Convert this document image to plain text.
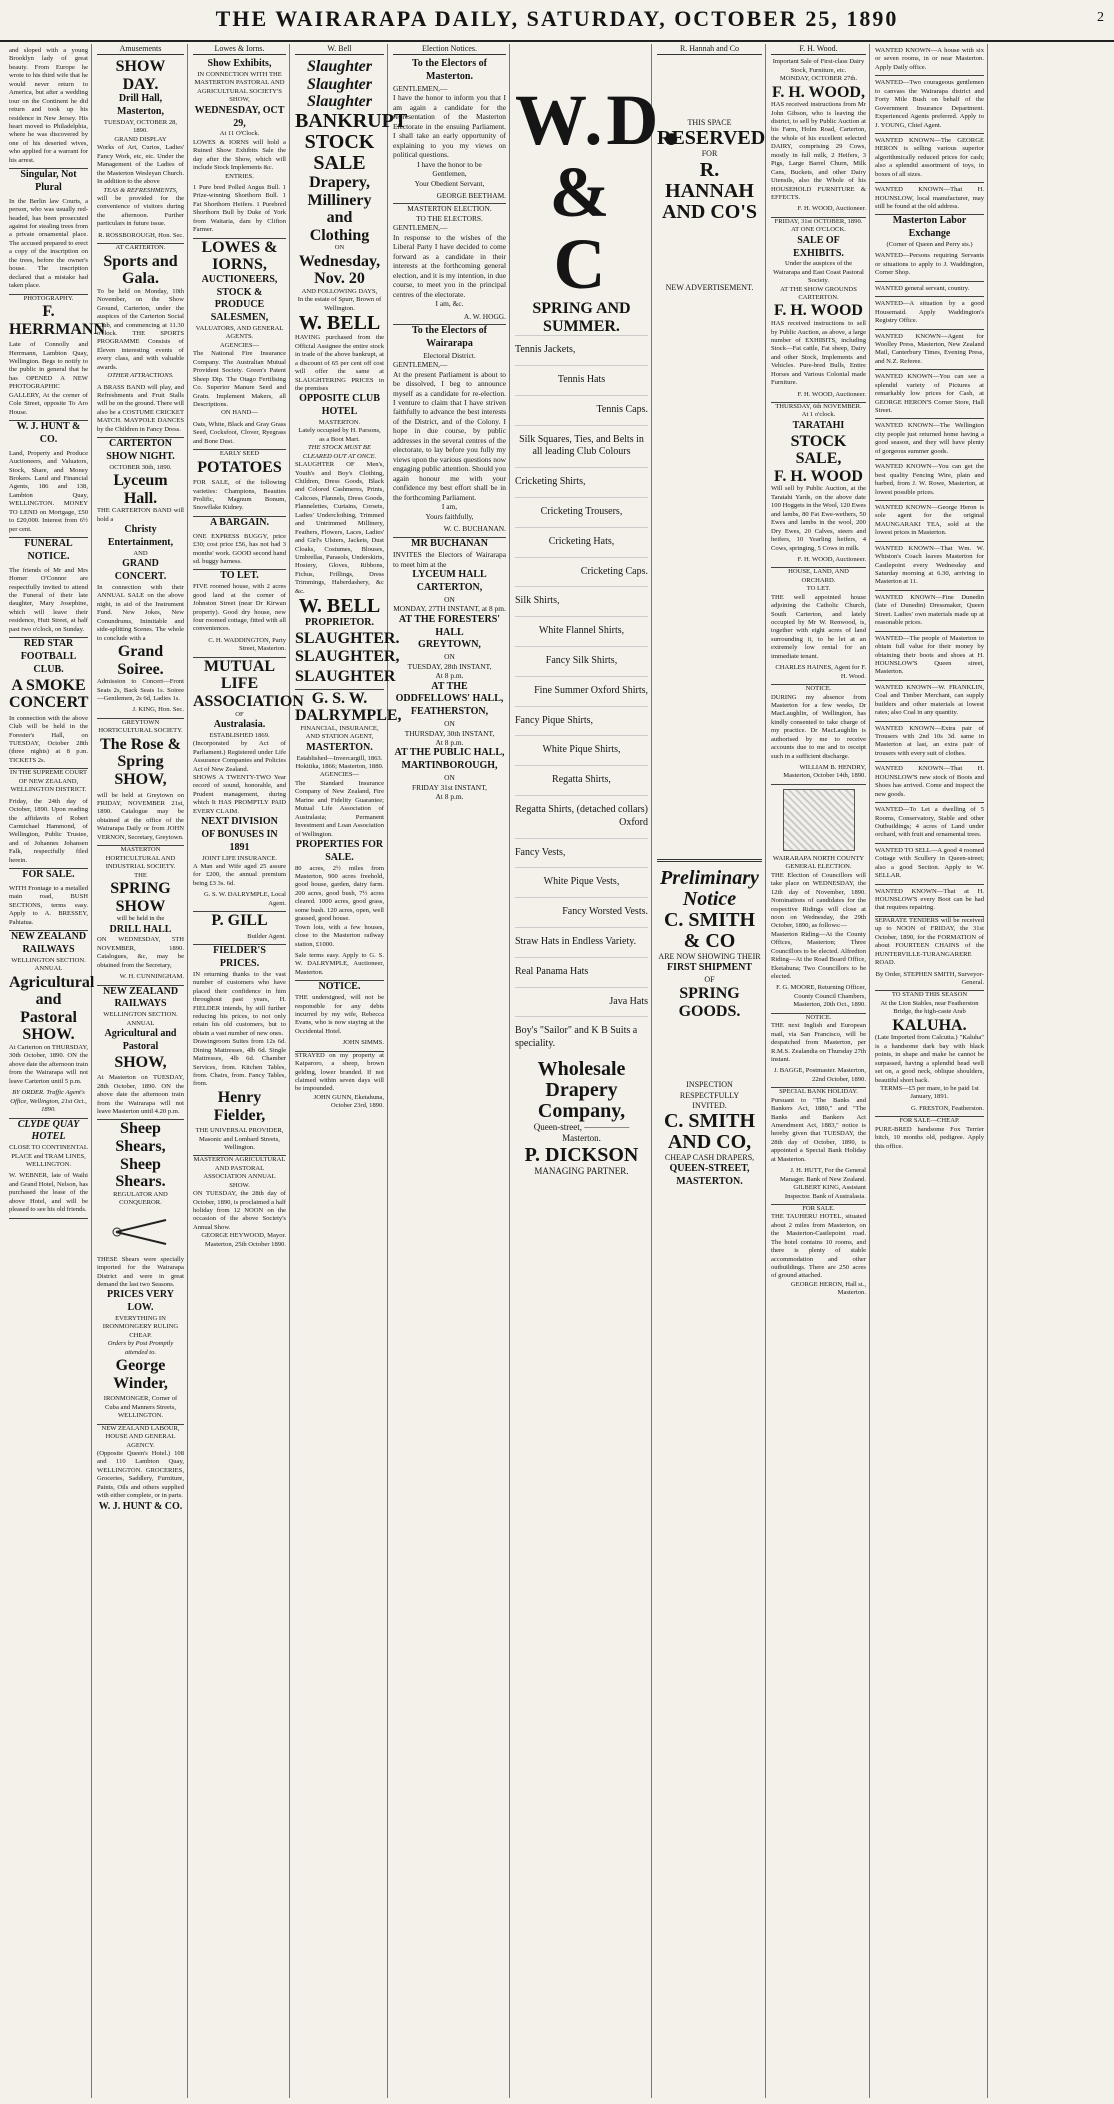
THE WAIRARAPA DAILY, SATURDAY, OCTOBER 25, 1890	2
and sloped with a young Brooklyn lady of great beauty. From Europe he wrote to his third wife that he would never return to America, but after a wedding tour on the Continent he did return and took up his residence in New Jersey. His heart moved to Philadelphia, where he was discovered by one of his deserted wives, who applied for a warrant for his arrest.
Singular, Not Plural
In the Berlin law Courts, a person, who was usually red-headed, has been prosecuted against for stealing trees from a private ornamental place. The accused prepared to erect a copy of the inscription on the trees, before the owner's house. The inscription declared that a mistake had taken place.
PHOTOGRAPHY.
F. HERRMANN
Late of Connolly and Herrmann, Lambton Quay, Wellington. Begs to notify to the public in general that he has OPENED A NEW PHOTOGRAPHIC GALLERY, At the corner of Cole Street, opposite To Aro House.
W. J. HUNT & CO.
Land, Property and Produce Auctioneers, and Valuators, Stock, Share, and Money Brokers. Land and Financial Agents, 186 and 138, Lambton Quay, WELLINGTON. MONEY TO LEND on Mortgage, £50 to £20,000. Interest from 6½ per cent.
FUNERAL NOTICE.
The friends of Mr and Mrs Homer O'Connor are respectfully invited to attend the Funeral of their late daughter, Mary Josephine, which will leave their residence, Hutt Street, at half past two o'clock, on Sunday.
RED STAR FOOTBALL CLUB.
A SMOKE CONCERT
In connection with the above Club will be held in the Forester's Hall, on TUESDAY, October 28th (three nights) at 8 p.m. TICKETS 2s.
IN THE SUPREME COURT OF NEW ZEALAND, WELLINGTON DISTRICT.
Friday, the 24th day of October, 1890. Upon reading the affidavits of Robert Carmichael Hammond, of Wellington, Public Trustee, and of Johannes Johansen Falk, respectfully filed herein.
FOR SALE.
WITH Frontage to a metalled main road, BUSH SECTIONS, terms easy. Apply to A. BRESSEY, Pahiatua.
NEW ZEALAND RAILWAYS
WELLINGTON SECTION.
ANNUAL
Agricultural and Pastoral SHOW.
At Carterton on THURSDAY, 30th October, 1890. ON the above date the afternoon train from the Wairarapa will not leave Carterton until 5 p.m.
BY ORDER. Traffic Agent's Office, Wellington, 21st Oct., 1890.
CLYDE QUAY HOTEL
CLOSE TO CONTINENTAL PLACE and TRAM LINES, WELLINGTON.
W. WEBNER, late of Waihi and Grand Hotel, Nelson, has purchased the lease of the above Hotel, and will be pleased to see his old friends.
Amusements
SHOW DAY.
Drill Hall, Masterton,
TUESDAY, OCTOBER 28, 1890.
GRAND DISPLAY
Works of Art, Curios, Ladies' Fancy Work, etc, etc. Under the Management of the Ladies of the Masterton Wesleyan Church. In addition to the above
TEAS & REFRESHMENTS,
will be provided for the convenience of visitors during the afternoon. Further particulars in future issue.
R. ROSSBOROUGH, Hon. Sec.
AT CARTERTON.
Sports and Gala.
To be held on Monday, 10th November, on the Show Ground, Carterton, under the auspices of the Carterton Social Club, and commencing at 11.30 o'clock. THE SPORTS PROGRAMME Consists of Eleven interesting events of every class, and with valuable awards.
OTHER ATTRACTIONS.
A BRASS BAND will play, and Refreshments and Fruit Stalls will be on the ground. There will also be a COSTUME CRICKET MATCH. MAYPOLE DANCES by the Children in Fancy Dress.
CARTERTON SHOW NIGHT.
OCTOBER 30th, 1890.
Lyceum Hall.
THE CARTERTON BAND will hold a
Christy Entertainment,
AND
GRAND CONCERT.
In connection with their ANNUAL SALE on the above night, in aid of the Instrument Fund. New Jokes, New Conundrums, Inimitable and side-splitting Scenes. The whole to conclude with a
Grand Soiree.
Admission to Concert—Front Seats 2s, Back Seats 1s. Soiree—Gentlemen, 2s 6d, Ladies 1s.
J. KING, Hon. Sec.
GREYTOWN HORTICULTURAL SOCIETY.
The Rose & Spring
SHOW,
will be held at Greytown on FRIDAY, NOVEMBER 21st, 1890. Catalogue may be obtained at the office of the Wairarapa Daily or from JOHN VERNON, Secretary, Greytown.
MASTERTON HORTICULTURAL AND INDUSTRIAL SOCIETY.
THE
SPRING SHOW
will be held in the
DRILL HALL
ON WEDNESDAY, 5TH NOVEMBER, 1890. Catalogues, &c, may be obtained from the Secretary,
W. H. CUNNINGHAM.
NEW ZEALAND RAILWAYS
WELLINGTON SECTION.
ANNUAL
Agricultural and Pastoral
SHOW,
At Masterton on TUESDAY, 28th October, 1890. ON the above date the afternoon train from the Wairarapa will not leave Masterton until 4.20 p.m.
Sheep Shears, Sheep Shears.
REGULATOR AND CONQUEROR.
THESE Shears were specially imported for the Wairarapa District and were in great demand the last two Seasons.
PRICES VERY LOW.
EVERYTHING IN IRONMONGERY RULING CHEAP.
Orders by Post Promptly attended to.
George Winder,
IRONMONGER, Corner of Cuba and Manners Streets, WELLINGTON.
NEW ZEALAND LABOUR, HOUSE AND GENERAL AGENCY.
(Opposite Queen's Hotel.) 108 and 110 Lambton Quay, WELLINGTON. GROCERIES, Groceries, Saddlery, Furniture, Paints, Oils and others supplied with either complete, or in parts.
W. J. HUNT & CO.
Lowes & Iorns.
Show Exhibits,
IN CONNECTION WITH THE MASTERTON PASTORAL AND AGRICULTURAL SOCIETY'S SHOW,
WEDNESDAY, OCT 29,
At 11 O'Clock.
LOWES & IORNS will hold a Ruined Show Exhibits Sale the day after the Show, which will include Stock Implements &c.
ENTRIES.
1 Pure bred Polled Angus Bull. 1 Prize-winning Shorthorn Bull. 1 Fat Shorthorn Heifers. 1 Purebred Shorthorn Bull by Duke of York from Waitaria, dam by Clifton Farmer.
LOWES & IORNS,
AUCTIONEERS,
STOCK & PRODUCE SALESMEN,
VALUATORS, AND GENERAL AGENTS.
AGENCIES—
The National Fire Insurance Company. The Australian Mutual Provident Society. Green's Patent Sheep Dip. The Otago Fertilising Co. Superior Manure Seed and Grain. Implement Makers, all Descriptions.
ON HAND—
Oats, White, Black and Gray Grass Seed, Cocksfoot, Clover, Ryegrass and Bone Dust.
EARLY SEED
POTATOES
FOR SALE, of the following varieties: Champions, Beauties Prolific, Magnum Bonum, Snowflake Kidney.
A BARGAIN.
ONE EXPRESS BUGGY, price £30; cost price £56, has not had 3 months' work. GOOD second hand sd. buggy harness.
TO LET.
FIVE roomed house, with 2 acres good land at the corner of Johnston Street (near Dr Kirwan property). Good dry house, new four roomed cottage, fitted with all conveniences.
C. H. WADDINGTON, Party Street, Masterton.
MUTUAL LIFE
ASSOCIATION
OF
Australasia.
ESTABLISHED 1869.
(Incorporated by Act of Parliament.) Registered under Life Assurance Companies and Policies Act of New Zealand.
SHOWS A TWENTY-TWO Year record of sound, honorable, and Prudent management, during which It HAS PROMPTLY PAID EVERY CLAIM.
NEXT DIVISION OF BONUSES IN 1891
JOINT LIFE INSURANCE.
A Man and Wife aged 25 assure for £200, the annual premium being £3 3s. 6d.
G. S. W. DALRYMPLE, Local Agent.
P. GILL
Builder Agent.
FIELDER'S PRICES.
IN returning thanks to the vast number of customers who have placed their confidence in him throughout past years, H. FIELDER intends, by still further reducing his prices, to not only retain his old customers, but to obtain a vast number of new ones.
Drawingroom Suites from 12s 6d. Dining Mattresses, 4lb 6d. Single Mattresses, 4lb 6d. Chamber Services, from. Kitchen Tables, from. Chairs, from. Fancy Tables, from.
Henry Fielder,
THE UNIVERSAL PROVIDER, Masonic and Lombard Streets, Wellington.
MASTERTON AGRICULTURAL AND PASTORAL ASSOCIATION ANNUAL SHOW.
ON TUESDAY, the 28th day of October, 1890, is proclaimed a half holiday from 12 NOON on the occasion of the above Society's Annual Show.
GEORGE HEYWOOD, Mayor. Masterton, 25th October 1890.
W. Bell
Slaughter
Slaughter
Slaughter
BANKRUPT STOCK SALE
Drapery, Millinery and Clothing
ON
Wednesday, Nov. 20
AND FOLLOWING DAYS,
In the estate of Spurr, Brown of Wellington.
W. BELL
HAVING purchased from the Official Assignee the entire stock in trade of the above bankrupt, at a discount of 65 per cent off cost will offer the same at SLAUGHTERING PRICES in the premises
OPPOSITE CLUB HOTEL
MASTERTON.
Lately occupied by H. Parsons, as a Boot Mart.
THE STOCK MUST BE CLEARED OUT AT ONCE.
SLAUGHTER OF Men's, Youth's and Boy's Clothing, Children, Dress Goods, Black and Colored Cashmeres, Prints, Calicoes, Flannels, Dress Goods, Flannelettes, Curtains, Corsets, Ladies' Underclothing, Trimmed and Untrimmed Millinery, Feathers, Flowers, Laces, Ladies' and Girl's Ulsters, Jackets, Dust Cloaks, Costumes, Blouses, Umbrellas, Parasols, Underskirts, Hosiery, Gloves, Ribbons, Fichus, Frillings, Dress Trimmings, Haberdashery, &c &c.
W. BELL
PROPRIETOR.
SLAUGHTER.
SLAUGHTER,
SLAUGHTER
G. S. W. DALRYMPLE,
FINANCIAL, INSURANCE, AND STATION AGENT,
MASTERTON.
Established—Invercargill, 1863. Hokitika, 1866; Masterton, 1880.
AGENCIES—
The Standard Insurance Company of New Zealand, Fire Marine and Fidelity Guarantee; Mutual Life Association of Australasia; Permanent Investment and Loan Association of Wellington.
PROPERTIES FOR SALE.
80 acres, 2½ miles from Masterton, 900 acres freehold, good house, garden, dairy farm. 200 acres, good bush, 7½ acres cleared. 1000 acres, good grass, some bush. 120 acres, open, well grassed, good house.
Town lots, with a few houses, close to the Masterton railway station, £1000.
Sale terms easy. Apply to G. S. W. DALRYMPLE, Auctioneer, Masterton.
NOTICE.
THE undersigned, will not be responsible for any debts incurred by my wife, Rebecca Evans, who is now staying at the Occidental Hotel.
JOHN SIMMS.
STRAYED on my property at Kaiparoro, a sheep, brown gelding, lower branded. If not claimed within seven days will be impounded.
JOHN GUNN, Eketahuna, October 23rd, 1890.
Election Notices.
To the Electors of Masterton.
GENTLEMEN,—
I have the honor to inform you that I am again a candidate for the representation of the Masterton Electorate in the ensuing Parliament. I shall take an early opportunity of explaining to you my views on political questions.
I have the honor to be
Gentlemen,
Your Obedient Servant,
GEORGE BEETHAM.
MASTERTON ELECTION.
TO THE ELECTORS.
GENTLEMEN,—
In response to the wishes of the Liberal Party I have decided to come forward as a candidate in their interests at the forthcoming general election, and it is my intention, in due course, to meet you in the principal centres of the electorate.
I am, &c.
A. W. HOGG.
To the Electors of Wairarapa
Electoral District.
GENTLEMEN,—
At the present Parliament is about to be dissolved, I beg to announce myself as a candidate for re-election. I venture to claim that I have striven faithfully to advance the best interests of the District, and of the Colony. I hope in due course, by public addresses in the several centres of the electorate, to lay before you fully my views upon the various questions now engaging public attention. Should you again honour me with your confidence my best effort shall be in the forthcoming Parliament.
I am,
Yours faithfully,
W. C. BUCHANAN.
MR BUCHANAN
INVITES the Electors of Wairarapa to meet him at the
LYCEUM HALL
CARTERTON,
ON
MONDAY, 27TH INSTANT, at 8 pm.
AT THE FORESTERS' HALL
GREYTOWN,
ON
TUESDAY, 28th INSTANT,
At 8 p.m.
AT THE ODDFELLOWS' HALL,
FEATHERSTON,
ON
THURSDAY, 30th INSTANT,
At 8 p.m.
AT THE PUBLIC HALL,
MARTINBOROUGH,
ON
FRIDAY 31st INSTANT,
At 8 p.m.
W.D. & C
SPRING AND SUMMER.
Tennis Jackets,
Tennis Hats
Tennis Caps.
Silk Squares, Ties, and Belts in all leading Club Colours
Cricketing Shirts,
Cricketing Trousers,
Cricketing Hats,
Cricketing Caps.
Silk Shirts,
White Flannel Shirts,
Fancy Silk Shirts,
Fine Summer Oxford Shirts,
Fancy Pique Shirts,
White Pique Shirts,
Regatta Shirts,
Regatta Shirts, (detached collars) Oxford
Fancy Vests,
White Pique Vests,
Fancy Worsted Vests.
Straw Hats in Endless Variety.
Real Panama Hats
Java Hats
Boy's "Sailor" and K B Suits a speciality.
Wholesale Drapery Company,
Queen-street, ————— Masterton.
P. DICKSON
MANAGING PARTNER.
R. Hannah and Co
THIS SPACE
RESERVED
FOR
R. HANNAH AND CO'S
NEW ADVERTISEMENT.
Preliminary Notice
C. SMITH & CO
ARE NOW SHOWING THEIR
FIRST SHIPMENT
OF
SPRING GOODS.
INSPECTION RESPECTFULLY
INVITED.
C. SMITH
AND CO,
CHEAP CASH DRAPERS,
QUEEN-STREET,
MASTERTON.
F. H. Wood.
Important Sale of First-class Dairy Stock, Furniture, etc.
MONDAY, OCTOBER 27th.
F. H. WOOD,
HAS received instructions from Mr John Gibson, who is leaving the district, to sell by Public Auction at his Farm, Holm Road, Carterton, the whole of his excellent selected DAIRY, comprising 29 Cows, mostly in full milk, 2 Heifers, 3 Pigs, Large Barrel Churn, Milk Cans, Buckets, and other Dairy Utensils, also the Whole of his HOUSEHOLD FURNITURE & EFFECTS.
F. H. WOOD, Auctioneer.
FRIDAY, 31st OCTOBER, 1890.
AT ONE O'CLOCK.
SALE OF EXHIBITS.
Under the auspices of the Wairarapa and East Coast Pastoral Society.
AT THE SHOW GROUNDS CARTERTON.
F. H. WOOD
HAS received instructions to sell by Public Auction, as above, a large number of EXHIBITS, including Stock—Fat cattle, Fat sheep, Dairy and other Stock, Implements and Vehicles. Pure-bred Bulls, Entire Horses and Various Colonial made Furniture.
F. H. WOOD, Auctioneer.
THURSDAY, 6th NOVEMBER.
At 1 o'clock.
TARATAHI
STOCK SALE,
F. H. WOOD
Will sell by Public Auction, at the Taratahi Yards, on the above date 100 Hoggets in the Wool, 120 Ewes and lambs, 80 Fat Ewe-wethers, 50 Ewes and lambs in the wool, 200 Dry Ewes, 20 Calves, steers and heifers, 10 Yearling heifers, 4 Cows, springing, 5 Cows in milk.
F. H. WOOD, Auctioneer.
HOUSE, LAND, AND ORCHARD.
TO LET.
THE well appointed house adjoining the Catholic Church, South Carterton, and lately occupied by Mr W. Renwood, is, together with eight acres of land surrounding it, to be let at an extremely low rental for an immediate tenant.
CHARLES HAINES, Agent for F. H. Wood.
NOTICE.
DURING my absence from Masterton for a few weeks, Dr MacLaughlin, of Wellington, has kindly consented to take charge of my practice. Dr MacLaughlin is authorised by me to receive accounts due to me and to receipt such in a sufficient discharge.
WILLIAM B. HENDRY, Masterton, October 14th, 1890.
WAIRARAPA NORTH COUNTY GENERAL ELECTION.
THE Election of Councillors will take place on WEDNESDAY, the 12th day of November, 1890. Nominations of candidates for the respective Ridings will close at noon on Wednesday, the 29th October, 1890, as follows:—
Masterton Riding—At the County Offices, Masterton; Three Councillors to be elected. Alfredton Riding—At the Road Board Office, Eketahuna; Two Councillors to be elected.
F. G. MOORE, Returning Officer, County Council Chambers, Masterton, 20th Oct., 1890.
NOTICE.
THE next Inglish and European mail, via San Francisco, will be despatched from Masterton, per R.M.S. Zealandia on Thursday 27th instant.
J. BAGGE, Postmaster. Masterton, 22nd October, 1890.
SPECIAL BANK HOLIDAY.
Pursuant to "The Banks and Bankers Act, 1880," and "The Banks and Bankers Act Amendment Act, 1883," notice is hereby given that TUESDAY, the 28th day of October, 1890, is appointed a Special Bank Holiday at Masterton.
J. H. HUTT, For the General Manager. Bank of New Zealand. GILBERT KING, Assistant Inspector. Bank of Australasia.
FOR SALE.
THE TAUHERU HOTEL, situated about 2 miles from Masterton, on the Masterton-Castlepoint road. The hotel contains 10 rooms, and there is plenty of stable accommodation and other outbuildings. There are 250 acres of ground attached.
GEORGE HERON, Hall st., Masterton.
WANTED KNOWN—A house with six or seven rooms, in or near Masterton. Apply Daily office.
WANTED—Two courageous gentlemen to canvass the Wairarapa district and Forty Mile Bush on behalf of the Government Insurance Department. Experienced Agents preferred. Apply to J. YOUNG, Chief Agent.
WANTED KNOWN—The GEORGE HERON is selling various superior algorithmically reduced prices for cash; also a splendid assortment of toys, in boxes of all sizes.
WANTED KNOWN—That H. HOUNSLOW, local manufacturer, may still be found at the old address.
Masterton Labor Exchange
(Corner of Queen and Perry sts.)
WANTED—Persons requiring Servants or situations to apply to J. Waddington, Corner Shop.
WANTED general servant, country.
WANTED—A situation by a good Housemaid. Apply Waddington's Registry Office.
WANTED KNOWN—Agent for Woolley Press, Masterton, New Zealand Mail, Canterbury Times, Evening Press, and N.Z. Referee.
WANTED KNOWN—You can see a splendid variety of Pictures at remarkably low prices for Cash, at GEORGE HERON'S Corner Store, Hall Street.
WANTED KNOWN—The Wellington city people just returned home having a good season, and they will have plenty of gorgeous summer goods.
WANTED KNOWN—You can get the best quality Fencing Wire, plain and barbed, from J. W. Rowe, Masterton, at lowest possible prices.
WANTED KNOWN—George Heron is sole agent for the original MAUNGARAKI TEA, sold at the lowest prices in Masterton.
WANTED KNOWN—That Wm. W. Whiston's Coach leaves Masterton for Castlepoint every Wednesday and Saturday morning at 6.30, arriving in Masterton at 11.
WANTED KNOWN—Fine Dunedin (late of Dunedin) Dressmaker, Queen Street. Ladies' own materials made up at reasonable prices.
WANTED—The people of Masterton to obtain full value for their money by obtaining their boots and shoes at H. HOUNSLOW'S Queen street, Masterton.
WANTED KNOWN—W. FRANKLIN, Coal and Timber Merchant, can supply builders and other materials at lowest rates; also Coal in any quantity.
WANTED KNOWN—Extra pair of Trousers with 2nd 10s 3d. same in Masterton at last, an extra pair of trousers with every suit of clothes.
WANTED KNOWN—That H. HOUNSLOW'S new stock of Boots and Shoes has arrived. Come and inspect the new goods.
WANTED—To Let a dwelling of 5 Rooms, Conservatory, Stable and other Outbuildings; 4 acres of Land under orchard, with fruit and ornamental trees.
WANTED TO SELL—A good 4 roomed Cottage with Scullery in Queen-street; also a good Section. Apply to W. SELLAR.
WANTED KNOWN—That at H. HOUNSLOW'S every Boot can be had that requires repairing.
SEPARATE TENDERS will be received up to NOON of FRIDAY, the 31st October, 1890, for the FORMATION of about FOURTEEN CHAINS of the HUNTERVILLE-TURANGARERE ROAD.
By Order, STEPHEN SMITH, Surveyor-General.
TO STAND THIS SEASON
At the Lion Stables, near Featherston Bridge, the high-caste Arab
KALUHA.
(Late Imported from Calcutta.) "Kaluha" is a handsome dark bay with black points, in shape and make he cannot be surpassed, having a splendid head well set on, a good neck, oblique shoulders, beautiful short back.
TERMS—£5 per mare, to be paid 1st January, 1891.
G. FRESTON, Featherston.
FOR SALE—CHEAP.
PURE-BRED handsome Fox Terrier bitch, 10 months old, pedigree. Apply this office.
